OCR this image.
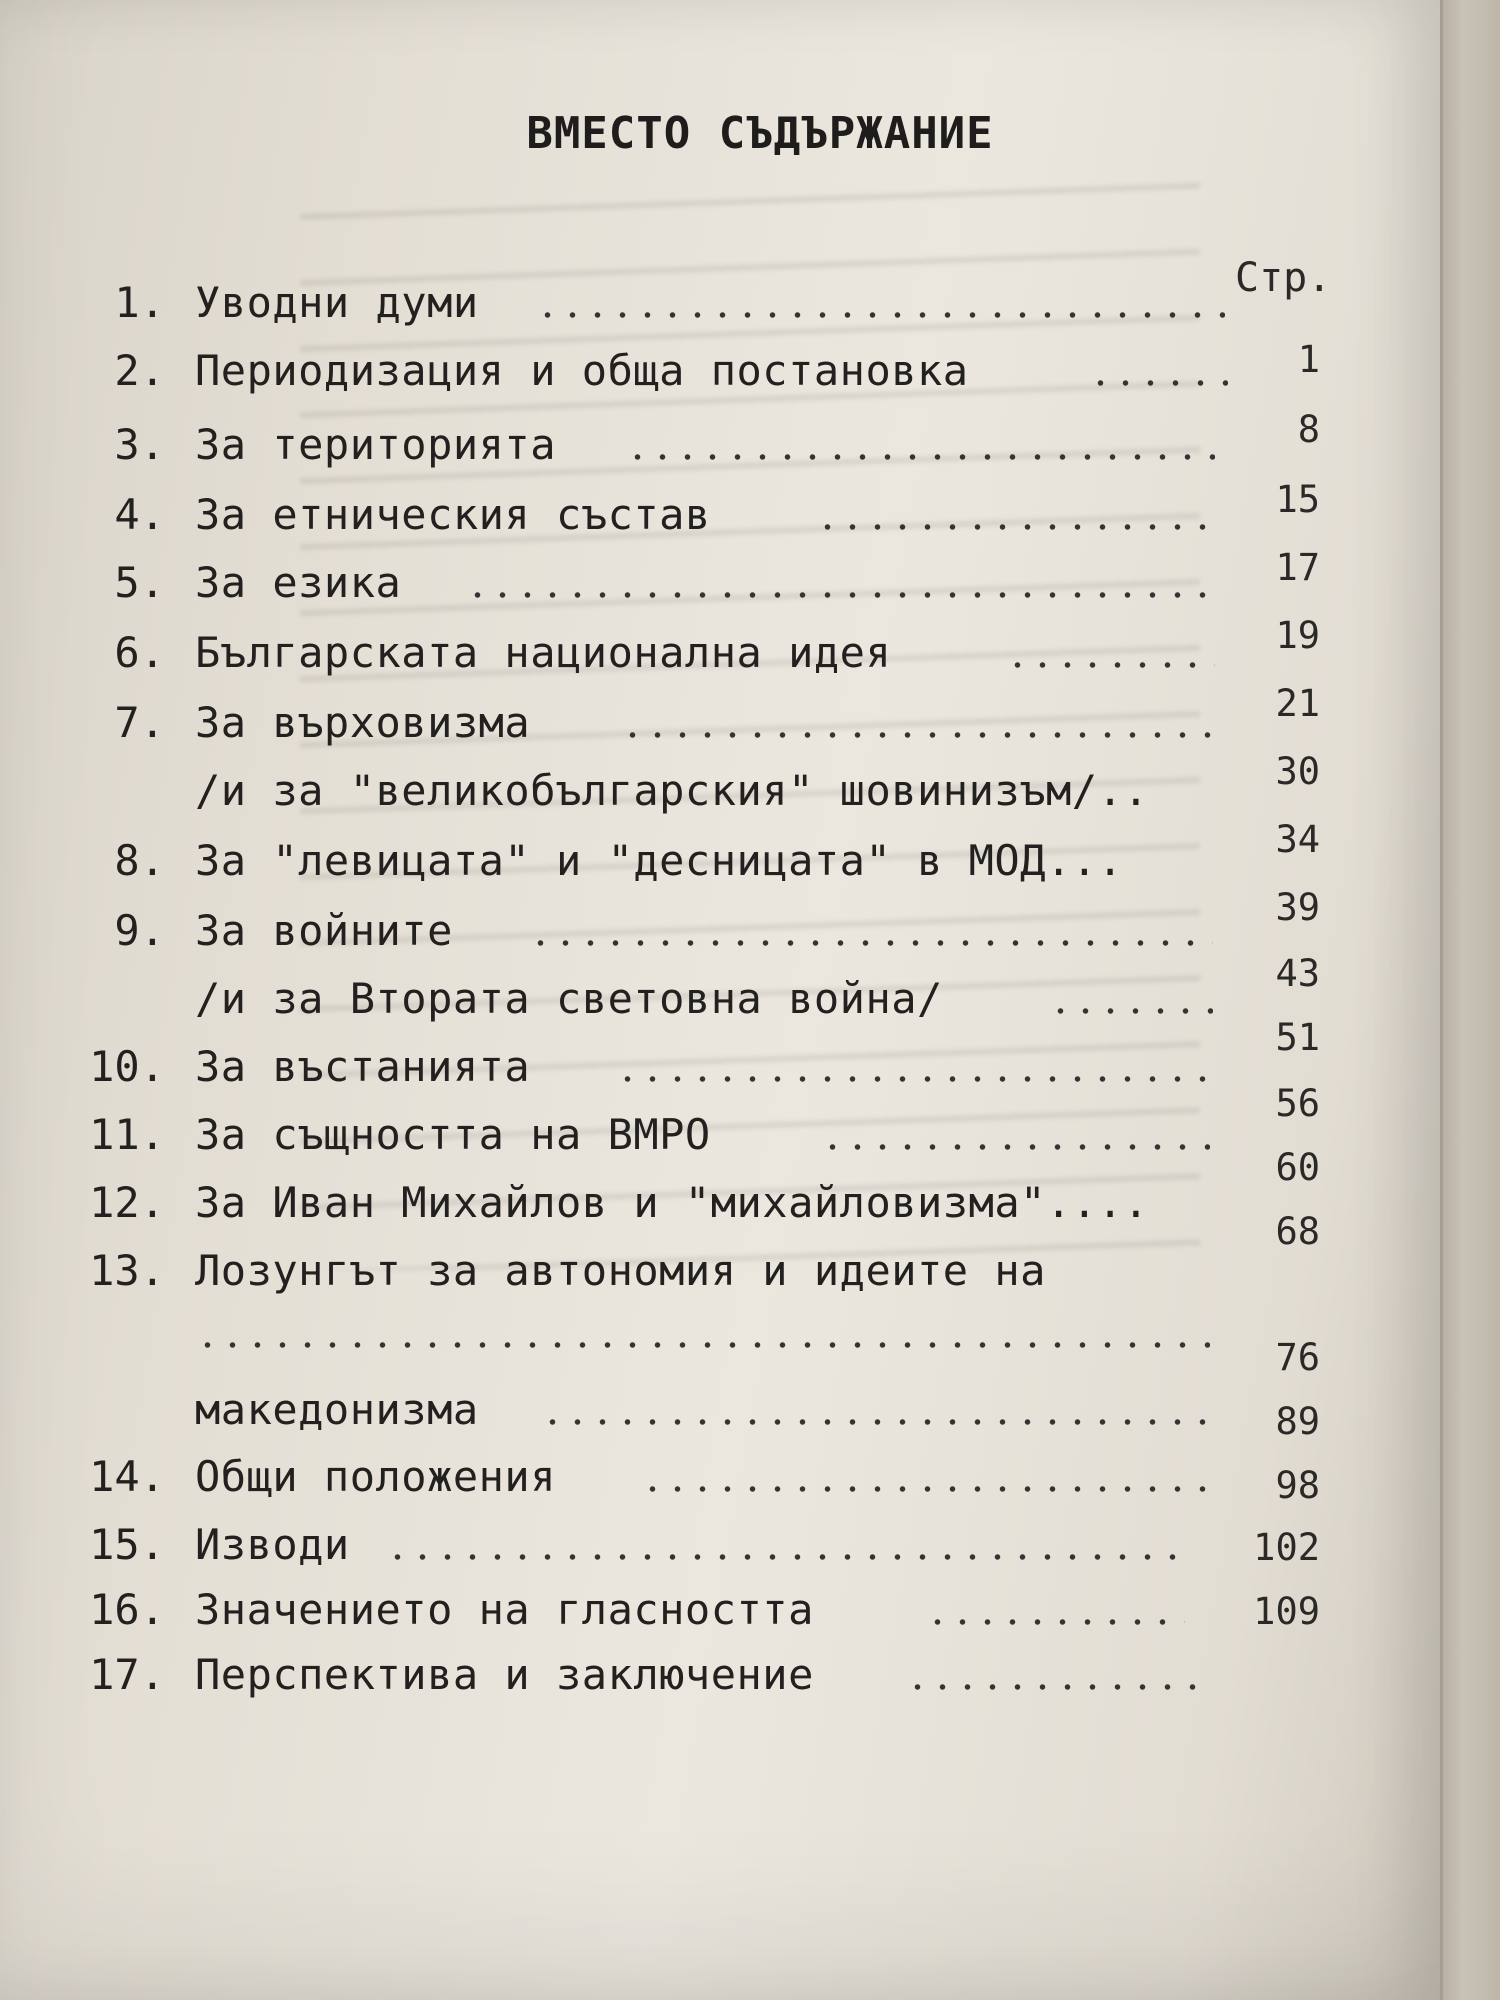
ВМЕСТО СЪДЪРЖАНИЕ
Стр.
1. Уводни думи
2. Периодизация и обща постановка
3. За територията
4. За етническия състав
5. За езика
6. Българската национална идея
7. За върховизма
/и за "великобългарския" шовинизъм/..
8. За "левицата" и "десницата" в МОД...
9. За войните
/и за Втората световна война/
10. За въстанията
11. За същността на ВМРО
12. За Иван Михайлов и "михайловизма"....
13. Лозунгът за автономия и идеите на
македонизма
14. Общи положения
15. Изводи
16. Значението на гласността
17. Перспектива и заключение
1
8
15
17
19
21
30
34
39
43
51
56
60
68
76
89
98
102
109
